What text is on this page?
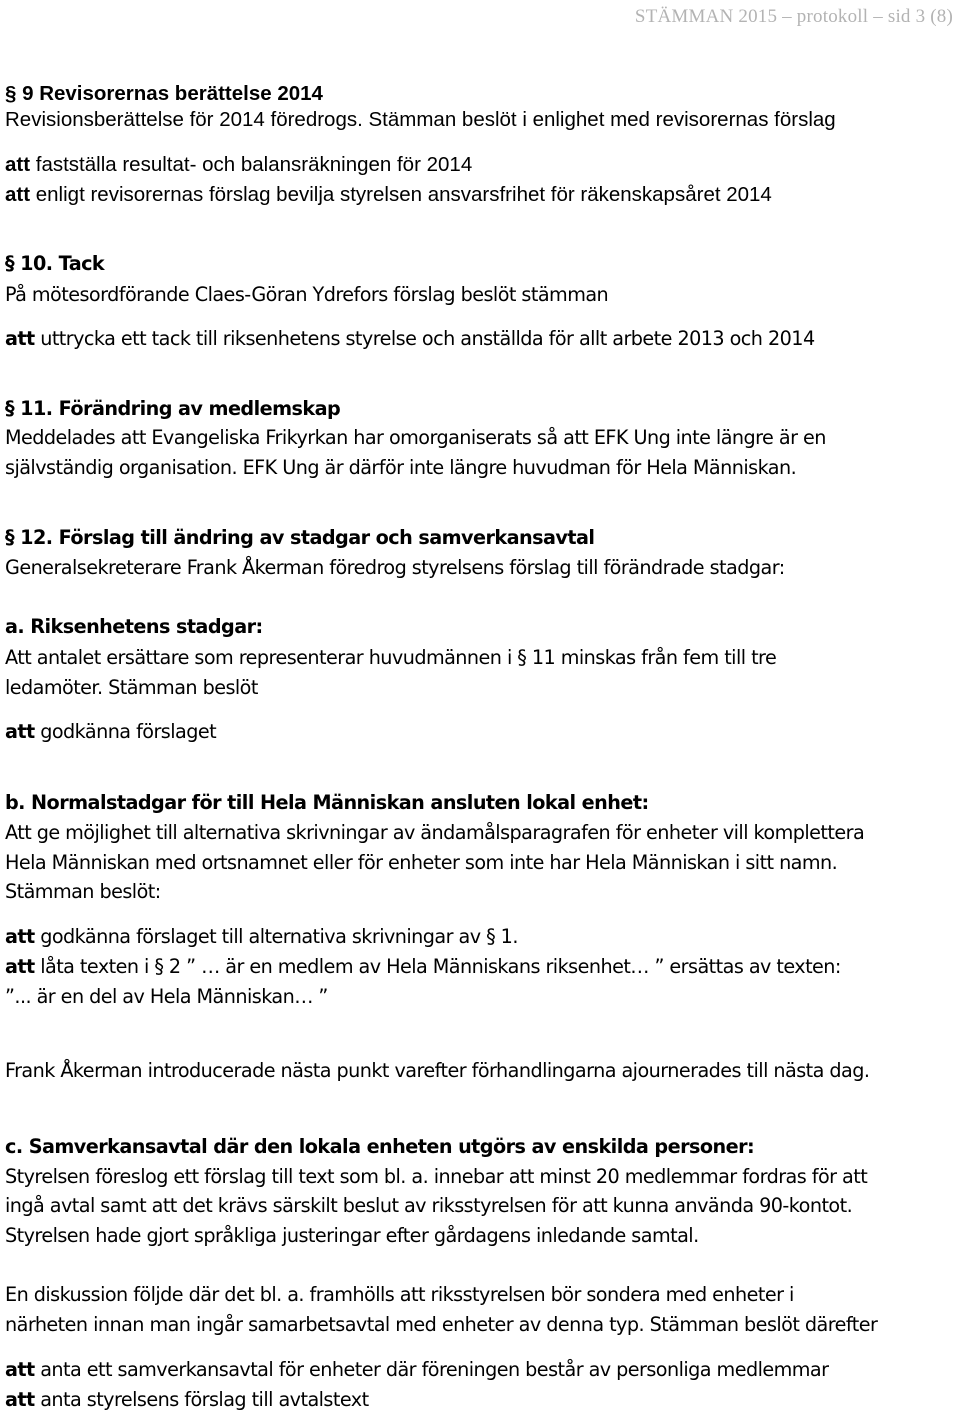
STÄMMAN 2015 – protokoll – sid 3 (8)
§ 9 Revisorernas berättelse 2014
Revisionsberättelse för 2014 föredrogs. Stämman beslöt i enlighet med revisorernas förslag
att fastställa resultat- och balansräkningen för 2014
att enligt revisorernas förslag bevilja styrelsen ansvarsfrihet för räkenskapsåret 2014
§ 10. Tack
På mötesordförande Claes-Göran Ydrefors förslag beslöt stämman
att uttrycka ett tack till riksenhetens styrelse och anställda för allt arbete 2013 och 2014
§ 11. Förändring av medlemskap
Meddelades att Evangeliska Frikyrkan har omorganiserats så att EFK Ung inte längre är en
självständig organisation. EFK Ung är därför inte längre huvudman för Hela Människan.
§ 12. Förslag till ändring av stadgar och samverkansavtal
Generalsekreterare Frank Åkerman föredrog styrelsens förslag till förändrade stadgar:
a. Riksenhetens stadgar:
Att antalet ersättare som representerar huvudmännen i § 11 minskas från fem till tre
ledamöter. Stämman beslöt
att godkänna förslaget
b. Normalstadgar för till Hela Människan ansluten lokal enhet:
Att ge möjlighet till alternativa skrivningar av ändamålsparagrafen för enheter vill komplettera
Hela Människan med ortsnamnet eller för enheter som inte har Hela Människan i sitt namn.
Stämman beslöt:
att godkänna förslaget till alternativa skrivningar av § 1.
att låta texten i § 2 ” … är en medlem av Hela Människans riksenhet… ” ersättas av texten:
”... är en del av Hela Människan… ”
Frank Åkerman introducerade nästa punkt varefter förhandlingarna ajournerades till nästa dag.
c. Samverkansavtal där den lokala enheten utgörs av enskilda personer:
Styrelsen föreslog ett förslag till text som bl. a. innebar att minst 20 medlemmar fordras för att
ingå avtal samt att det krävs särskilt beslut av riksstyrelsen för att kunna använda 90-kontot.
Styrelsen hade gjort språkliga justeringar efter gårdagens inledande samtal.
En diskussion följde där det bl. a. framhölls att riksstyrelsen bör sondera med enheter i
närheten innan man ingår samarbetsavtal med enheter av denna typ. Stämman beslöt därefter
att anta ett samverkansavtal för enheter där föreningen består av personliga medlemmar
att anta styrelsens förslag till avtalstext
